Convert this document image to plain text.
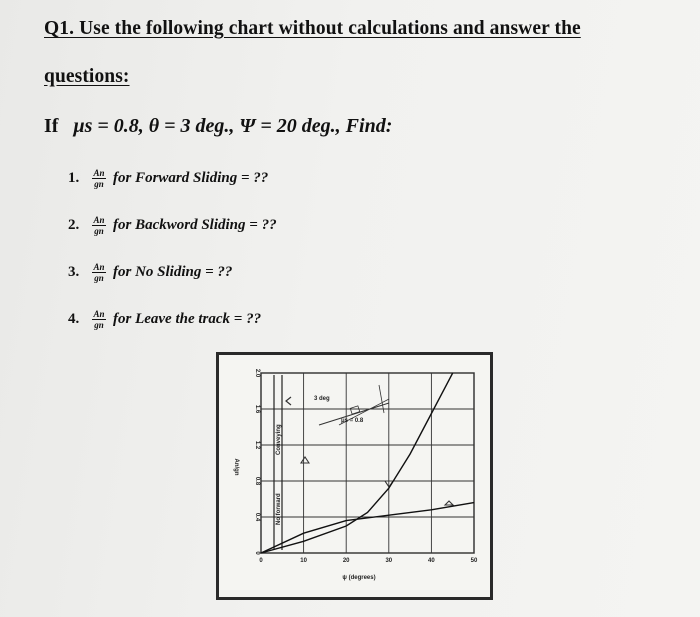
Q1. Use the following chart without calculations and answer the
questions:
If μs = 0.8, θ = 3 deg., Ψ = 20 deg., Find:
1.	$\frac{An}{gn}$ for Forward Sliding = ??
2.	$\frac{An}{gn}$ for Backword Sliding = ??
3.	$\frac{An}{gn}$ for No Sliding = ??
4.	$\frac{An}{gn}$ for Leave the track = ??
No forward
Conveying
3 deg
μs = 0.8
0	10	20	30	40	50
0
0.4
0.8
1.2
1.6
2.0
ψ (degrees)
An/gn
